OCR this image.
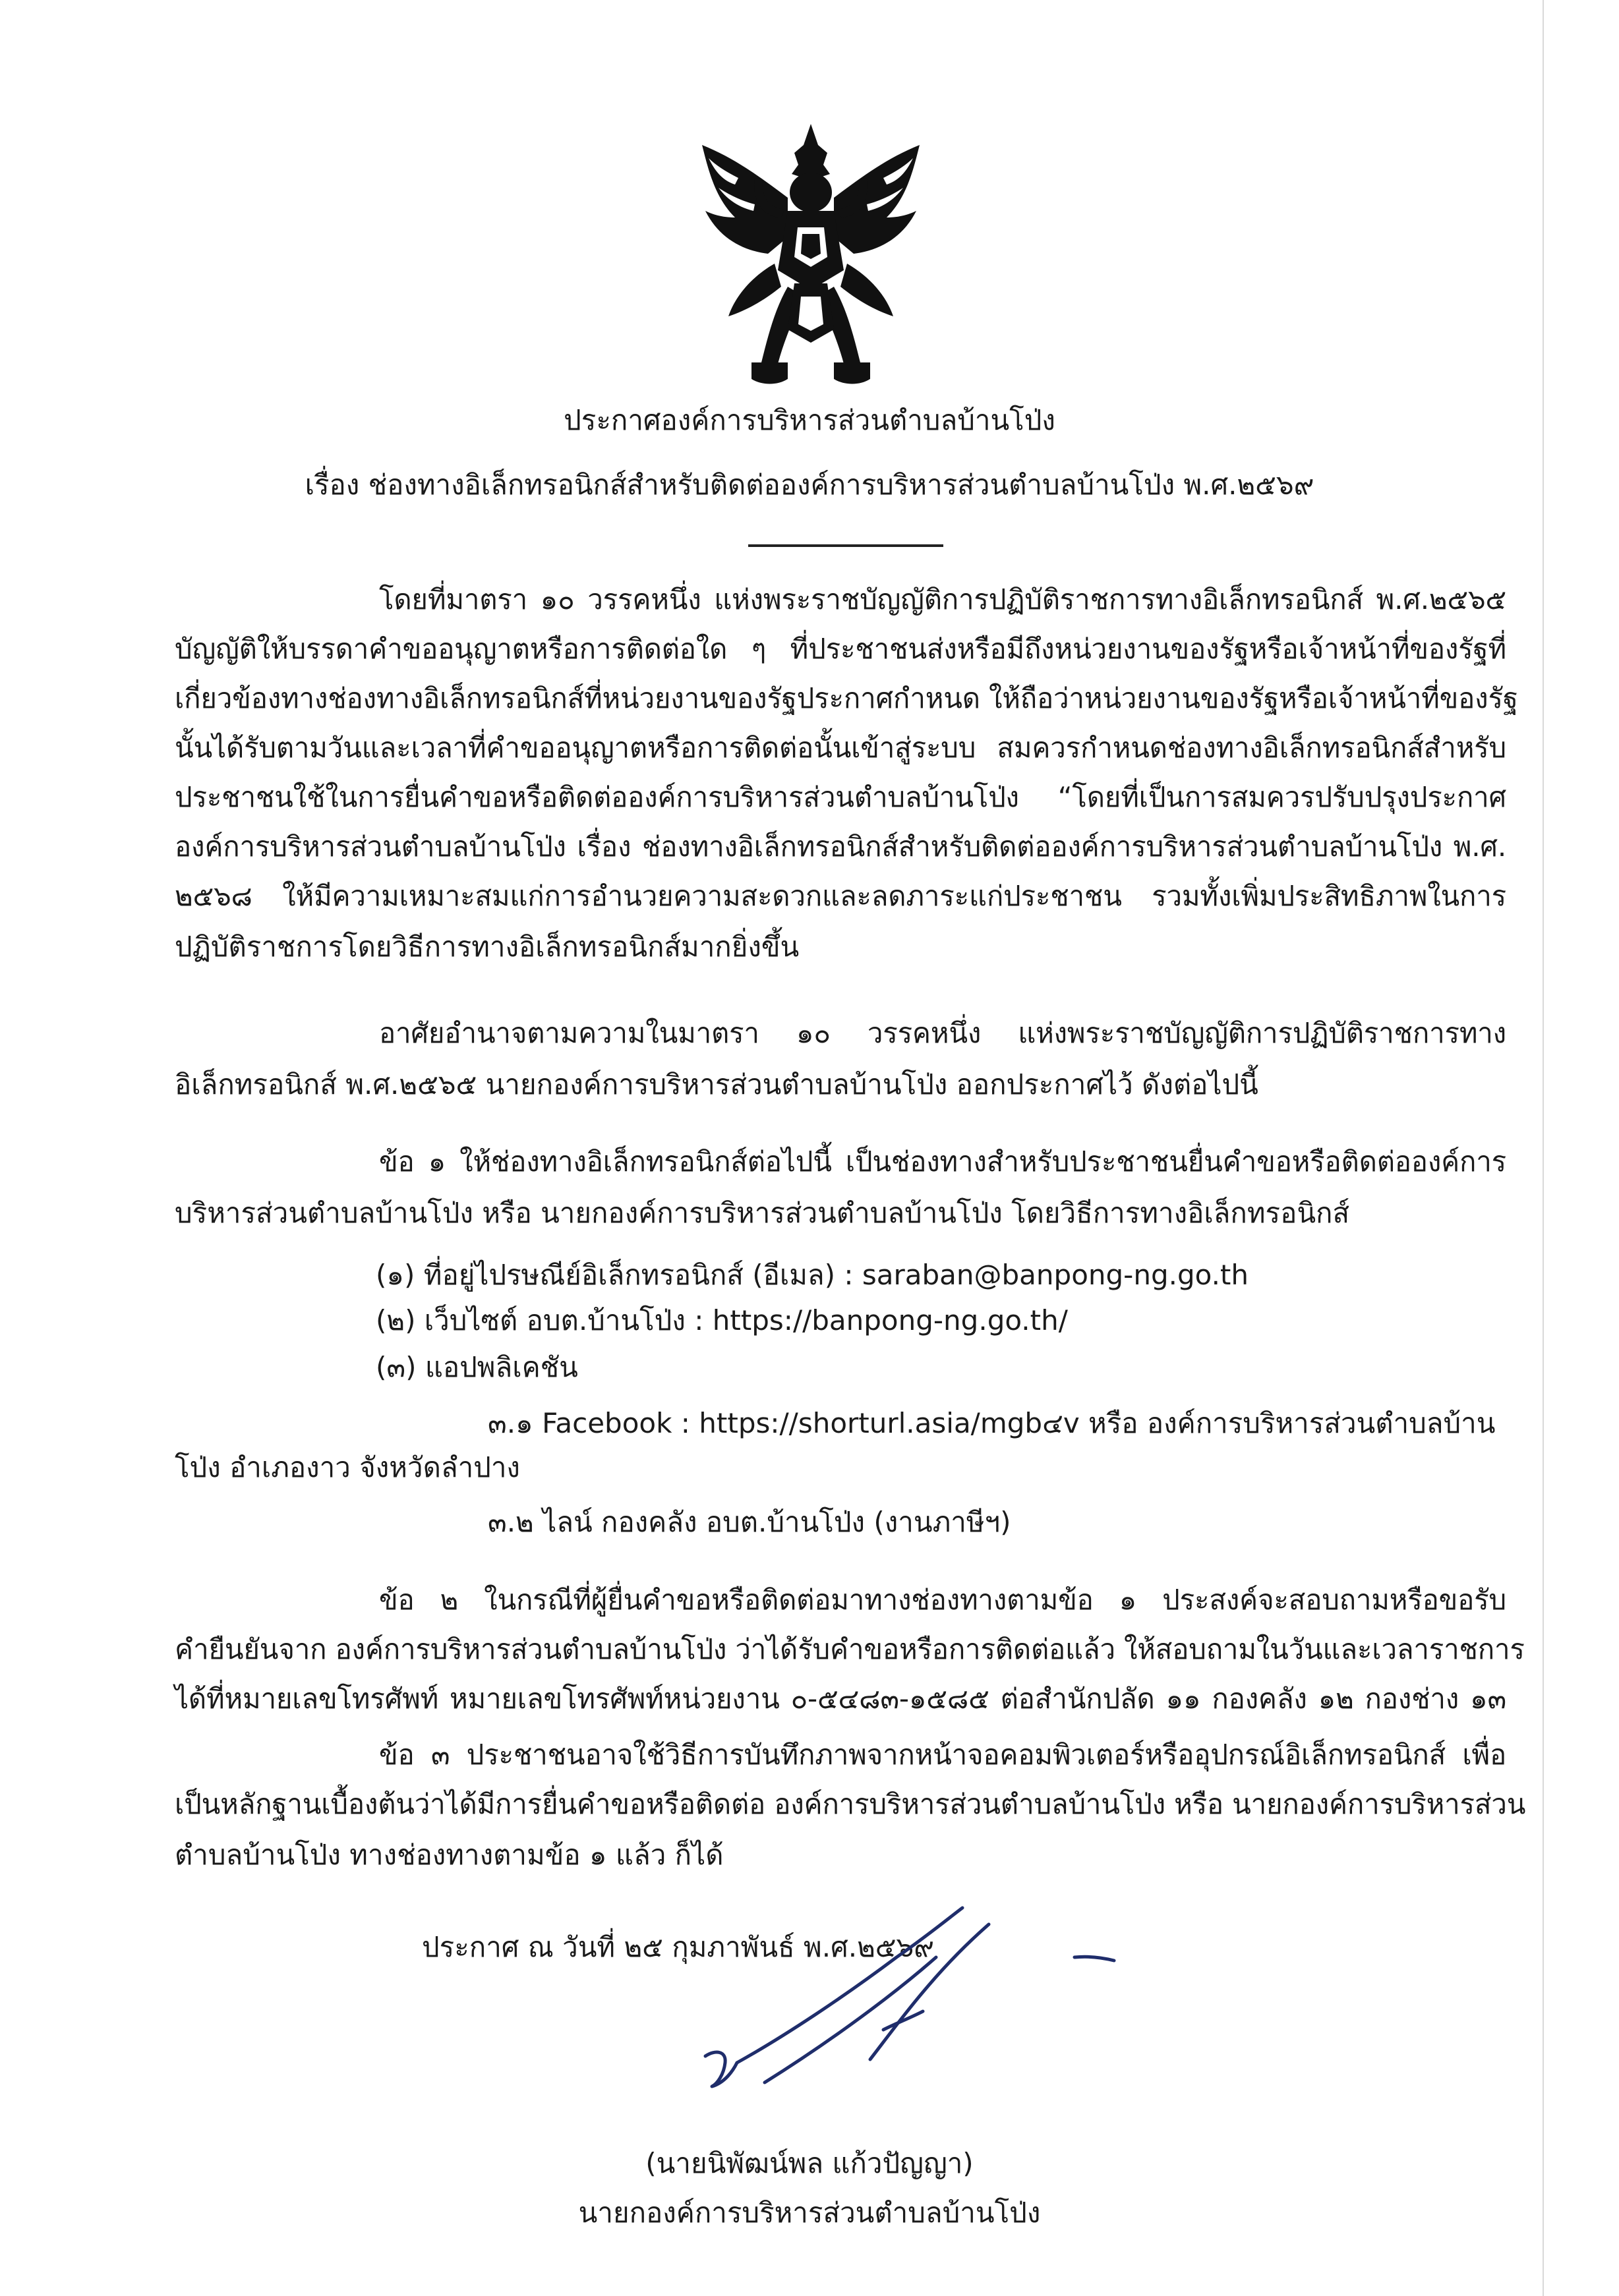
ประกาศองค์การบริหารส่วนตำบลบ้านโป่ง
เรื่อง ช่องทางอิเล็กทรอนิกส์สำหรับติดต่อองค์การบริหารส่วนตำบลบ้านโป่ง พ.ศ.๒๕๖๙
โดยที่มาตรา ๑๐ วรรคหนึ่ง แห่งพระราชบัญญัติการปฏิบัติราชการทางอิเล็กทรอนิกส์ พ.ศ.๒๕๖๕
บัญญัติให้บรรดาคำขออนุญาตหรือการติดต่อใด ๆ ที่ประชาชนส่งหรือมีถึงหน่วยงานของรัฐหรือเจ้าหน้าที่ของรัฐที่
เกี่ยวข้องทางช่องทางอิเล็กทรอนิกส์ที่หน่วยงานของรัฐประกาศกำหนด ให้ถือว่าหน่วยงานของรัฐหรือเจ้าหน้าที่ของรัฐ
นั้นได้รับตามวันและเวลาที่คำขออนุญาตหรือการติดต่อนั้นเข้าสู่ระบบ สมควรกำหนดช่องทางอิเล็กทรอนิกส์สำหรับ
ประชาชนใช้ในการยื่นคำขอหรือติดต่อองค์การบริหารส่วนตำบลบ้านโป่ง “โดยที่เป็นการสมควรปรับปรุงประกาศ
องค์การบริหารส่วนตำบลบ้านโป่ง เรื่อง ช่องทางอิเล็กทรอนิกส์สำหรับติดต่อองค์การบริหารส่วนตำบลบ้านโป่ง พ.ศ.
๒๕๖๘ ให้มีความเหมาะสมแก่การอำนวยความสะดวกและลดภาระแก่ประชาชน รวมทั้งเพิ่มประสิทธิภาพในการ
ปฏิบัติราชการโดยวิธีการทางอิเล็กทรอนิกส์มากยิ่งขึ้น
อาศัยอำนาจตามความในมาตรา ๑๐ วรรคหนึ่ง แห่งพระราชบัญญัติการปฏิบัติราชการทาง
อิเล็กทรอนิกส์ พ.ศ.๒๕๖๕ นายกองค์การบริหารส่วนตำบลบ้านโป่ง ออกประกาศไว้ ดังต่อไปนี้
ข้อ ๑ ให้ช่องทางอิเล็กทรอนิกส์ต่อไปนี้ เป็นช่องทางสำหรับประชาชนยื่นคำขอหรือติดต่อองค์การ
บริหารส่วนตำบลบ้านโป่ง หรือ นายกองค์การบริหารส่วนตำบลบ้านโป่ง โดยวิธีการทางอิเล็กทรอนิกส์
(๑) ที่อยู่ไปรษณีย์อิเล็กทรอนิกส์ (อีเมล) : saraban@banpong-ng.go.th
(๒) เว็บไซต์ อบต.บ้านโป่ง : https://banpong-ng.go.th/
(๓) แอปพลิเคชัน
๓.๑ Facebook : https://shorturl.asia/mgb๔v หรือ องค์การบริหารส่วนตำบลบ้าน
โป่ง อำเภองาว จังหวัดลำปาง
๓.๒ ไลน์ กองคลัง อบต.บ้านโป่ง (งานภาษีฯ)
ข้อ ๒ ในกรณีที่ผู้ยื่นคำขอหรือติดต่อมาทางช่องทางตามข้อ ๑ ประสงค์จะสอบถามหรือขอรับ
คำยืนยันจาก องค์การบริหารส่วนตำบลบ้านโป่ง ว่าได้รับคำขอหรือการติดต่อแล้ว ให้สอบถามในวันและเวลาราชการ
ได้ที่หมายเลขโทรศัพท์ หมายเลขโทรศัพท์หน่วยงาน ๐-๕๔๘๓-๑๕๘๕ ต่อสำนักปลัด ๑๑ กองคลัง ๑๒ กองช่าง ๑๓
ข้อ ๓ ประชาชนอาจใช้วิธีการบันทึกภาพจากหน้าจอคอมพิวเตอร์หรืออุปกรณ์อิเล็กทรอนิกส์ เพื่อ
เป็นหลักฐานเบื้องต้นว่าได้มีการยื่นคำขอหรือติดต่อ องค์การบริหารส่วนตำบลบ้านโป่ง หรือ นายกองค์การบริหารส่วน
ตำบลบ้านโป่ง ทางช่องทางตามข้อ ๑ แล้ว ก็ได้
ประกาศ ณ วันที่ ๒๕ กุมภาพันธ์ พ.ศ.๒๕๖๙
(นายนิพัฒน์พล แก้วปัญญา)
นายกองค์การบริหารส่วนตำบลบ้านโป่ง
